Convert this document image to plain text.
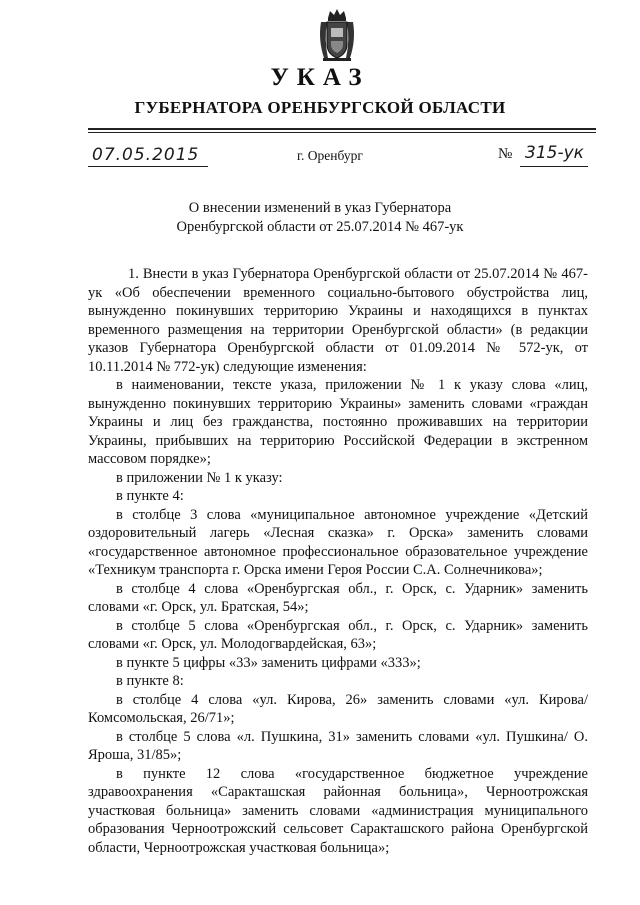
УКАЗ
ГУБЕРНАТОРА ОРЕНБУРГСКОЙ ОБЛАСТИ
07.05.2015	г. Оренбург	№ 315-ук
О внесении изменений в указ Губернатора
Оренбургской области от 25.07.2014 № 467-ук

1. Внести в указ Губернатора Оренбургской области от 25.07.2014 № 467-ук «Об обеспечении временного социально-бытового обустройства лиц, вынужденно покинувших территорию Украины и находящихся в пунктах временного размещения на территории Оренбургской области» (в редакции указов Губернатора Оренбургской области от 01.09.2014 № 572-ук, от 10.11.2014 № 772-ук) следующие изменения:

в наименовании, тексте указа, приложении № 1 к указу слова «лиц, вынужденно покинувших территорию Украины» заменить словами «граждан Украины и лиц без гражданства, постоянно проживавших на территории Украины, прибывших на территорию Российской Федерации в экстренном массовом порядке»;

в приложении № 1 к указу:

в пункте 4:

в столбце 3 слова «муниципальное автономное учреждение «Детский оздоровительный лагерь «Лесная сказка» г. Орска» заменить словами «государственное автономное профессиональное образовательное учреждение «Техникум транспорта г. Орска имени Героя России С.А. Солнечникова»;

в столбце 4 слова «Оренбургская обл., г. Орск, с. Ударник» заменить словами «г. Орск, ул. Братская, 54»;

в столбце 5 слова «Оренбургская обл., г. Орск, с. Ударник» заменить словами «г. Орск, ул. Молодогвардейская, 63»;

в пункте 5 цифры «33» заменить цифрами «333»;

в пункте 8:

в столбце 4 слова «ул. Кирова, 26» заменить словами «ул. Кирова/ Комсомольская, 26/71»;

в столбце 5 слова «л. Пушкина, 31» заменить словами «ул. Пушкина/ О. Яроша, 31/85»;

в пункте 12 слова «государственное бюджетное учреждение здравоохранения «Саракташская районная больница», Черноотрожская участковая больница» заменить словами «администрация муниципального образования Черноотрожский сельсовет Саракташского района Оренбургской области, Черноотрожская участковая больница»;
